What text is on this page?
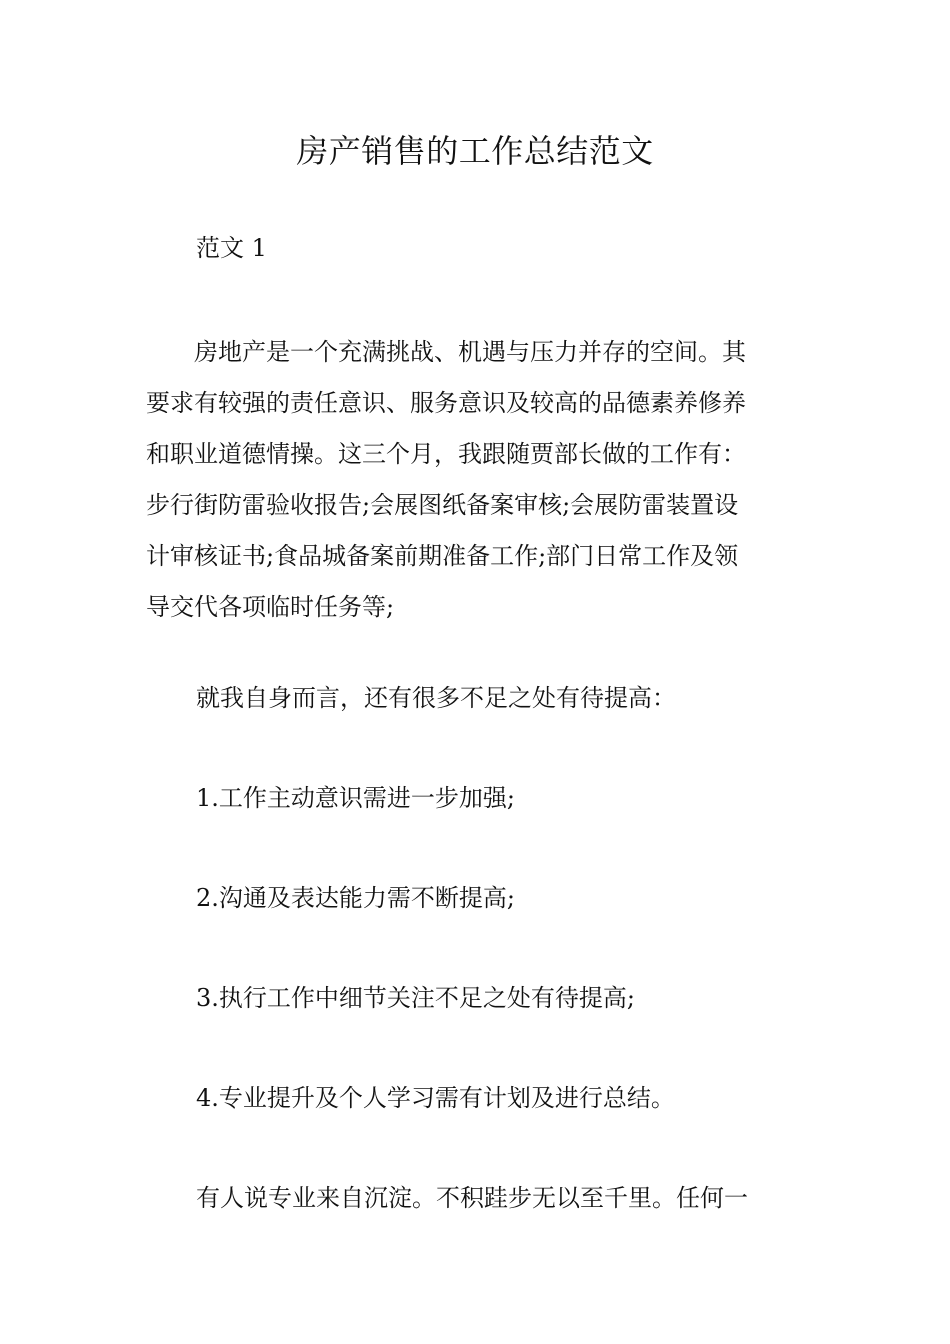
房产销售的工作总结范文
范文 1
　　房地产是一个充满挑战、机遇与压力并存的空间。其
要求有较强的责任意识、服务意识及较高的品德素养修养
和职业道德情操。这三个月，我跟随贾部长做的工作有：
步行街防雷验收报告;会展图纸备案审核;会展防雷装置设
计审核证书;食品城备案前期准备工作;部门日常工作及领
导交代各项临时任务等;
就我自身而言，还有很多不足之处有待提高：
1.工作主动意识需进一步加强;
2.沟通及表达能力需不断提高;
3.执行工作中细节关注不足之处有待提高;
4.专业提升及个人学习需有计划及进行总结。
有人说专业来自沉淀。不积跬步无以至千里。任何一
